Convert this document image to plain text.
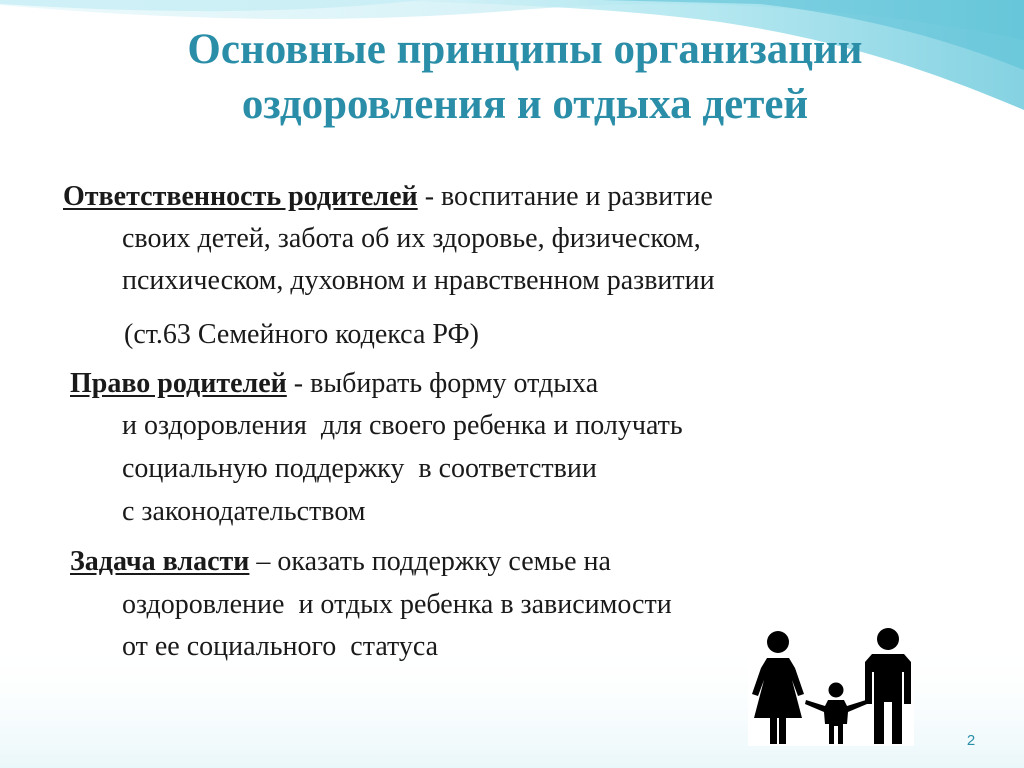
Основные принципы организации
оздоровления и отдыха детей
Ответственность родителей - воспитание и развитие
своих детей, забота об их здоровье, физическом,
психическом, духовном и нравственном развитии
(ст.63 Семейного кодекса РФ)
Право родителей - выбирать форму отдыха
и оздоровления  для своего ребенка и получать
социальную поддержку  в соответствии
с законодательством
Задача власти – оказать поддержку семье на
оздоровление  и отдых ребенка в зависимости
от ее социального  статуса
2
